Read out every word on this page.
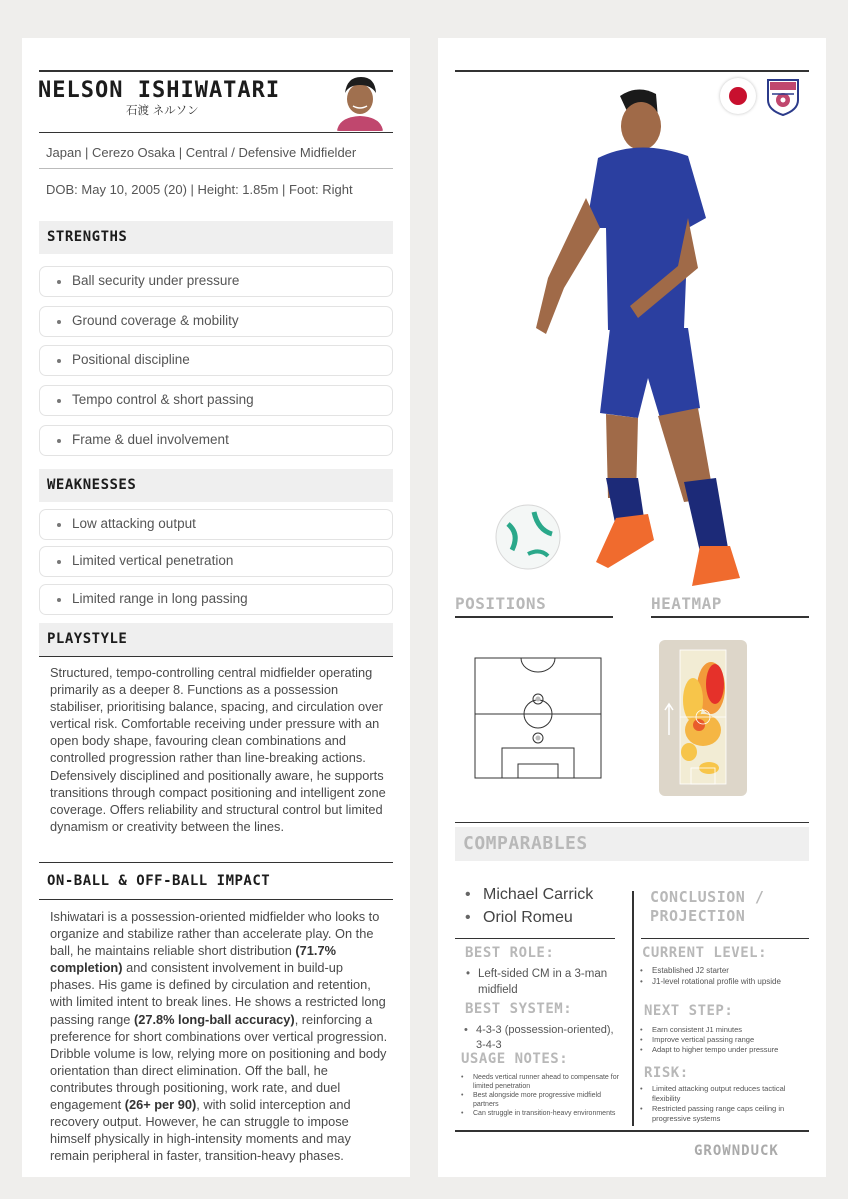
NELSON ISHIWATARI
石渡 ネルソン
Japan | Cerezo Osaka | Central / Defensive Midfielder
DOB: May 10, 2005 (20) | Height: 1.85m | Foot: Right
STRENGTHS
Ball security under pressure
Ground coverage & mobility
Positional discipline
Tempo control & short passing
Frame & duel involvement
WEAKNESSES
Low attacking output
Limited vertical penetration
Limited range in long passing
PLAYSTYLE
Structured, tempo-controlling central midfielder operating primarily as a deeper 8. Functions as a possession stabiliser, prioritising balance, spacing, and circulation over vertical risk. Comfortable receiving under pressure with an open body shape, favouring clean combinations and controlled progression rather than line-breaking actions. Defensively disciplined and positionally aware, he supports transitions through compact positioning and intelligent zone coverage. Offers reliability and structural control but limited dynamism or creativity between the lines.
ON-BALL & OFF-BALL IMPACT
Ishiwatari is a possession-oriented midfielder who looks to organize and stabilize rather than accelerate play. On the ball, he maintains reliable short distribution (71.7% completion) and consistent involvement in build-up phases. His game is defined by circulation and retention, with limited intent to break lines. He shows a restricted long passing range (27.8% long-ball accuracy), reinforcing a preference for short combinations over vertical progression. Dribble volume is low, relying more on positioning and body orientation than direct elimination. Off the ball, he contributes through positioning, work rate, and duel engagement (26+ per 90), with solid interception and recovery output. However, he can struggle to impose himself physically in high-intensity moments and may remain peripheral in faster, transition-heavy phases.
POSITIONS	HEATMAP
COMPARABLES
• Michael Carrick
• Oriol Romeu
CONCLUSION / PROJECTION
BEST ROLE:
• Left-sided CM in a 3-man midfield
BEST SYSTEM:
• 4-3-3 (possession-oriented), 3-4-3
USAGE NOTES:
• Needs vertical runner ahead to compensate for limited penetration
• Best alongside more progressive midfield partners
• Can struggle in transition-heavy environments
CURRENT LEVEL:
• Established J2 starter
• J1-level rotational profile with upside
NEXT STEP:
• Earn consistent J1 minutes
• Improve vertical passing range
• Adapt to higher tempo under pressure
RISK:
• Limited attacking output reduces tactical flexibility
• Restricted passing range caps ceiling in progressive systems
GROWNDUCK
